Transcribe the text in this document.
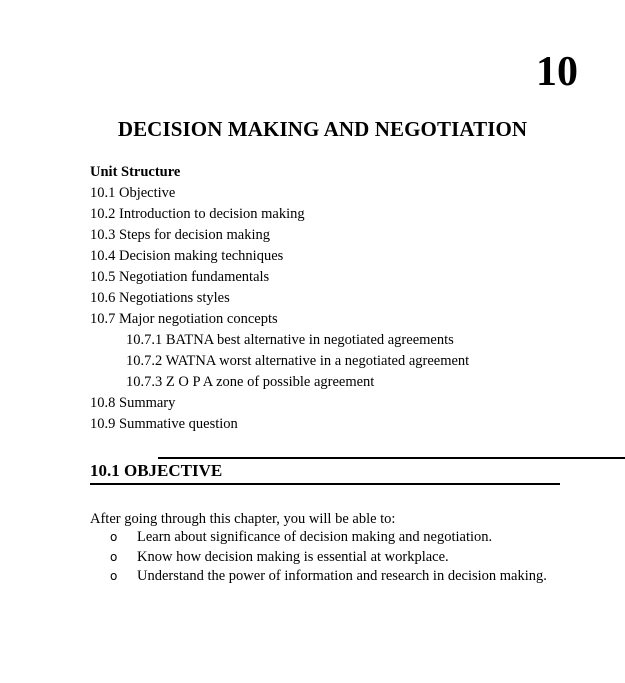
10
DECISION MAKING AND NEGOTIATION
Unit Structure
10.1 Objective
10.2 Introduction to decision making
10.3 Steps for decision making
10.4 Decision making techniques
10.5 Negotiation fundamentals
10.6 Negotiations styles
10.7 Major negotiation concepts
10.7.1 BATNA best alternative in negotiated agreements
10.7.2 WATNA worst alternative in a negotiated agreement
10.7.3 Z O P A zone of possible agreement
10.8 Summary
10.9 Summative question
10.1 OBJECTIVE
After going through this chapter, you will be able to:
o	Learn about significance of decision making and negotiation.
o	Know how decision making is essential at workplace.
o	Understand the power of information and research in decision making.
